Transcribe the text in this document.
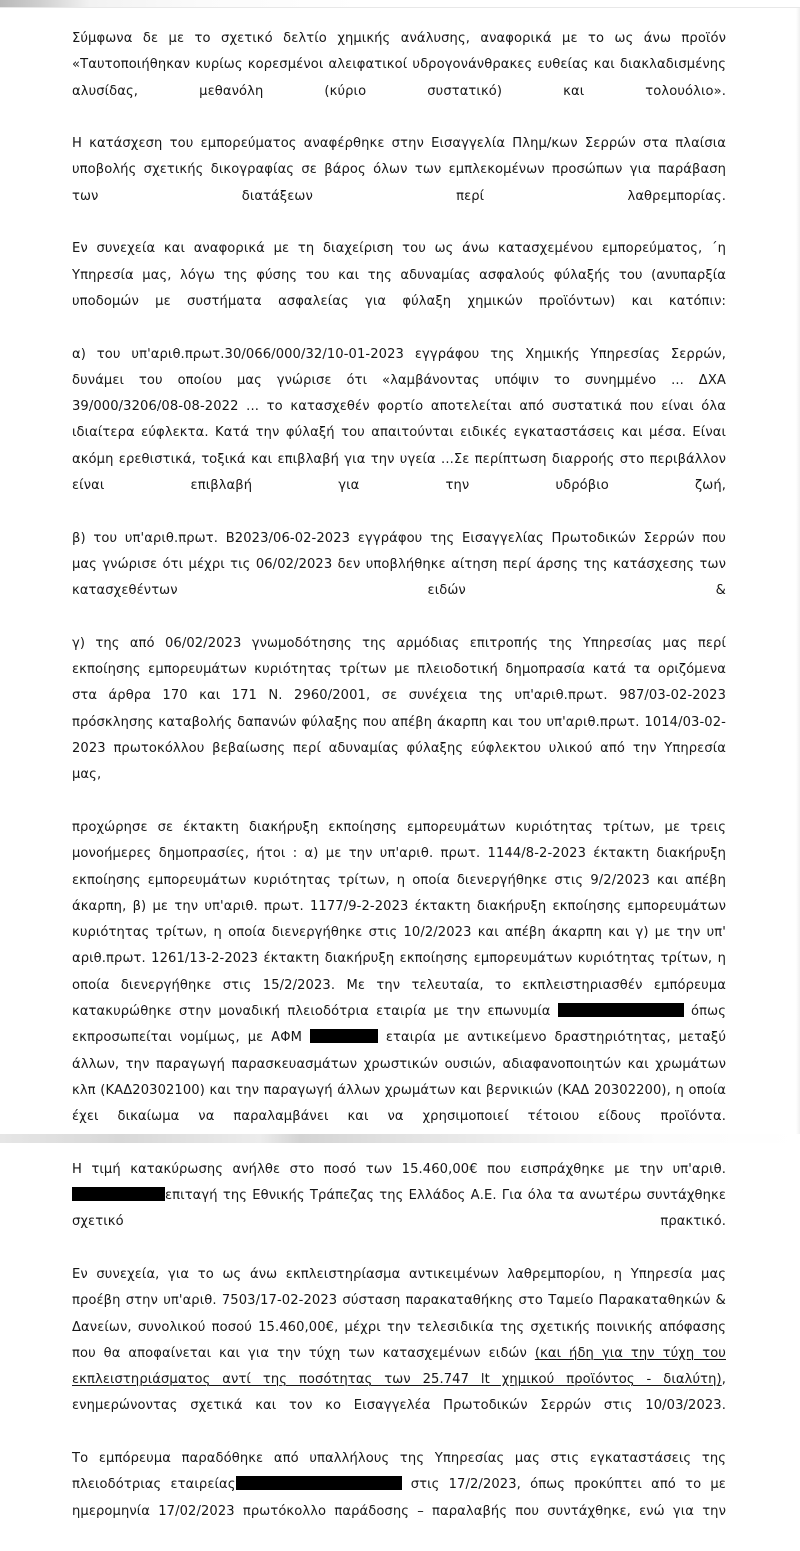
Σύμφωνα δε με το σχετικό δελτίο χημικής ανάλυσης, αναφορικά με το ως άνω προϊόν «Ταυτοποιήθηκαν κυρίως κορεσμένοι αλειφατικοί υδρογονάνθρακες ευθείας και διακλαδισμένης αλυσίδας, μεθανόλη (κύριο συστατικό) και τολουόλιο».

Η κατάσχεση του εμπορεύματος αναφέρθηκε στην Εισαγγελία Πλημ/κων Σερρών στα πλαίσια υποβολής σχετικής δικογραφίας σε βάρος όλων των εμπλεκομένων προσώπων για παράβαση των διατάξεων περί λαθρεμπορίας.

Εν συνεχεία και αναφορικά με τη διαχείριση του ως άνω κατασχεμένου εμπορεύματος, ΄η Υπηρεσία μας, λόγω της φύσης του και της αδυναμίας ασφαλούς φύλαξής του (ανυπαρξία υποδομών με συστήματα ασφαλείας για φύλαξη χημικών προϊόντων) και κατόπιν:

α) του υπ'αριθ.πρωτ.30/066/000/32/10-01-2023 εγγράφου της Χημικής Υπηρεσίας Σερρών, δυνάμει του οποίου μας γνώρισε ότι «λαμβάνοντας υπόψιν το συνημμένο ... ΔΧΑ 39/000/3206/08-08-2022 ... το κατασχεθέν φορτίο αποτελείται από συστατικά που είναι όλα ιδιαίτερα εύφλεκτα. Κατά την φύλαξή του απαιτούνται ειδικές εγκαταστάσεις και μέσα. Είναι ακόμη ερεθιστικά, τοξικά και επιβλαβή για την υγεία ...Σε περίπτωση διαρροής στο περιβάλλον είναι επιβλαβή για την υδρόβιο ζωή,

β) του υπ'αριθ.πρωτ. Β2023/06-02-2023 εγγράφου της Εισαγγελίας Πρωτοδικών Σερρών που μας γνώρισε ότι μέχρι τις 06/02/2023 δεν υποβλήθηκε αίτηση περί άρσης της κατάσχεσης των κατασχεθέντων ειδών &

γ) της από 06/02/2023 γνωμοδότησης της αρμόδιας επιτροπής της Υπηρεσίας μας περί εκποίησης εμπορευμάτων κυριότητας τρίτων με πλειοδοτική δημοπρασία κατά τα οριζόμενα στα άρθρα 170 και 171 Ν. 2960/2001, σε συνέχεια της υπ'αριθ.πρωτ. 987/03-02-2023 πρόσκλησης καταβολής δαπανών φύλαξης που απέβη άκαρπη και του υπ'αριθ.πρωτ. 1014/03-02-2023 πρωτοκόλλου βεβαίωσης περί αδυναμίας φύλαξης εύφλεκτου υλικού από την Υπηρεσία μας,

προχώρησε σε έκτακτη διακήρυξη εκποίησης εμπορευμάτων κυριότητας τρίτων, με τρεις μονοήμερες δημοπρασίες, ήτοι : α) με την υπ'αριθ. πρωτ. 1144/8-2-2023 έκτακτη διακήρυξη εκποίησης εμπορευμάτων κυριότητας τρίτων, η οποία διενεργήθηκε στις 9/2/2023 και απέβη άκαρπη, β) με την υπ'αριθ. πρωτ. 1177/9-2-2023 έκτακτη διακήρυξη εκποίησης εμπορευμάτων κυριότητας τρίτων, η οποία διενεργήθηκε στις 10/2/2023 και απέβη άκαρπη και γ) με την υπ' αριθ.πρωτ. 1261/13-2-2023 έκτακτη διακήρυξη εκποίησης εμπορευμάτων κυριότητας τρίτων, η οποία διενεργήθηκε στις 15/2/2023. Με την τελευταία, το εκπλειστηριασθέν εμπόρευμα κατακυρώθηκε στην μοναδική πλειοδότρια εταιρία με την επωνυμία	όπως εκπροσωπείται νομίμως, με ΑΦΜ	εταιρία με αντικείμενο δραστηριότητας, μεταξύ άλλων, την παραγωγή παρασκευασμάτων χρωστικών ουσιών, αδιαφανοποιητών και χρωμάτων κλπ (ΚΑΔ20302100) και την παραγωγή άλλων χρωμάτων και βερνικιών (ΚΑΔ 20302200), η οποία έχει δικαίωμα να παραλαμβάνει και να χρησιμοποιεί τέτοιου είδους προϊόντα.

Η τιμή κατακύρωσης ανήλθε στο ποσό των 15.460,00€ που εισπράχθηκε με την υπ'αριθ. επιταγή της Εθνικής Τράπεζας της Ελλάδος Α.Ε. Για όλα τα ανωτέρω συντάχθηκε σχετικό πρακτικό.

Εν συνεχεία, για το ως άνω εκπλειστηρίασμα αντικειμένων λαθρεμπορίου, η Υπηρεσία μας προέβη στην υπ'αριθ. 7503/17-02-2023 σύσταση παρακαταθήκης στο Ταμείο Παρακαταθηκών & Δανείων, συνολικού ποσού 15.460,00€, μέχρι την τελεσιδικία της σχετικής ποινικής απόφασης που θα αποφαίνεται και για την τύχη των κατασχεμένων ειδών (και ήδη για την τύχη του εκπλειστηριάσματος αντί της ποσότητας των 25.747 lt χημικού προϊόντος - διαλύτη), ενημερώνοντας σχετικά και τον κο Εισαγγελέα Πρωτοδικών Σερρών στις 10/03/2023.

Το εμπόρευμα παραδόθηκε από υπαλλήλους της Υπηρεσίας μας στις εγκαταστάσεις της πλειοδότριας εταιρείας	στις 17/2/2023, όπως προκύπτει από το με ημερομηνία 17/02/2023 πρωτόκολλο παράδοσης – παραλαβής που συντάχθηκε, ενώ για την
